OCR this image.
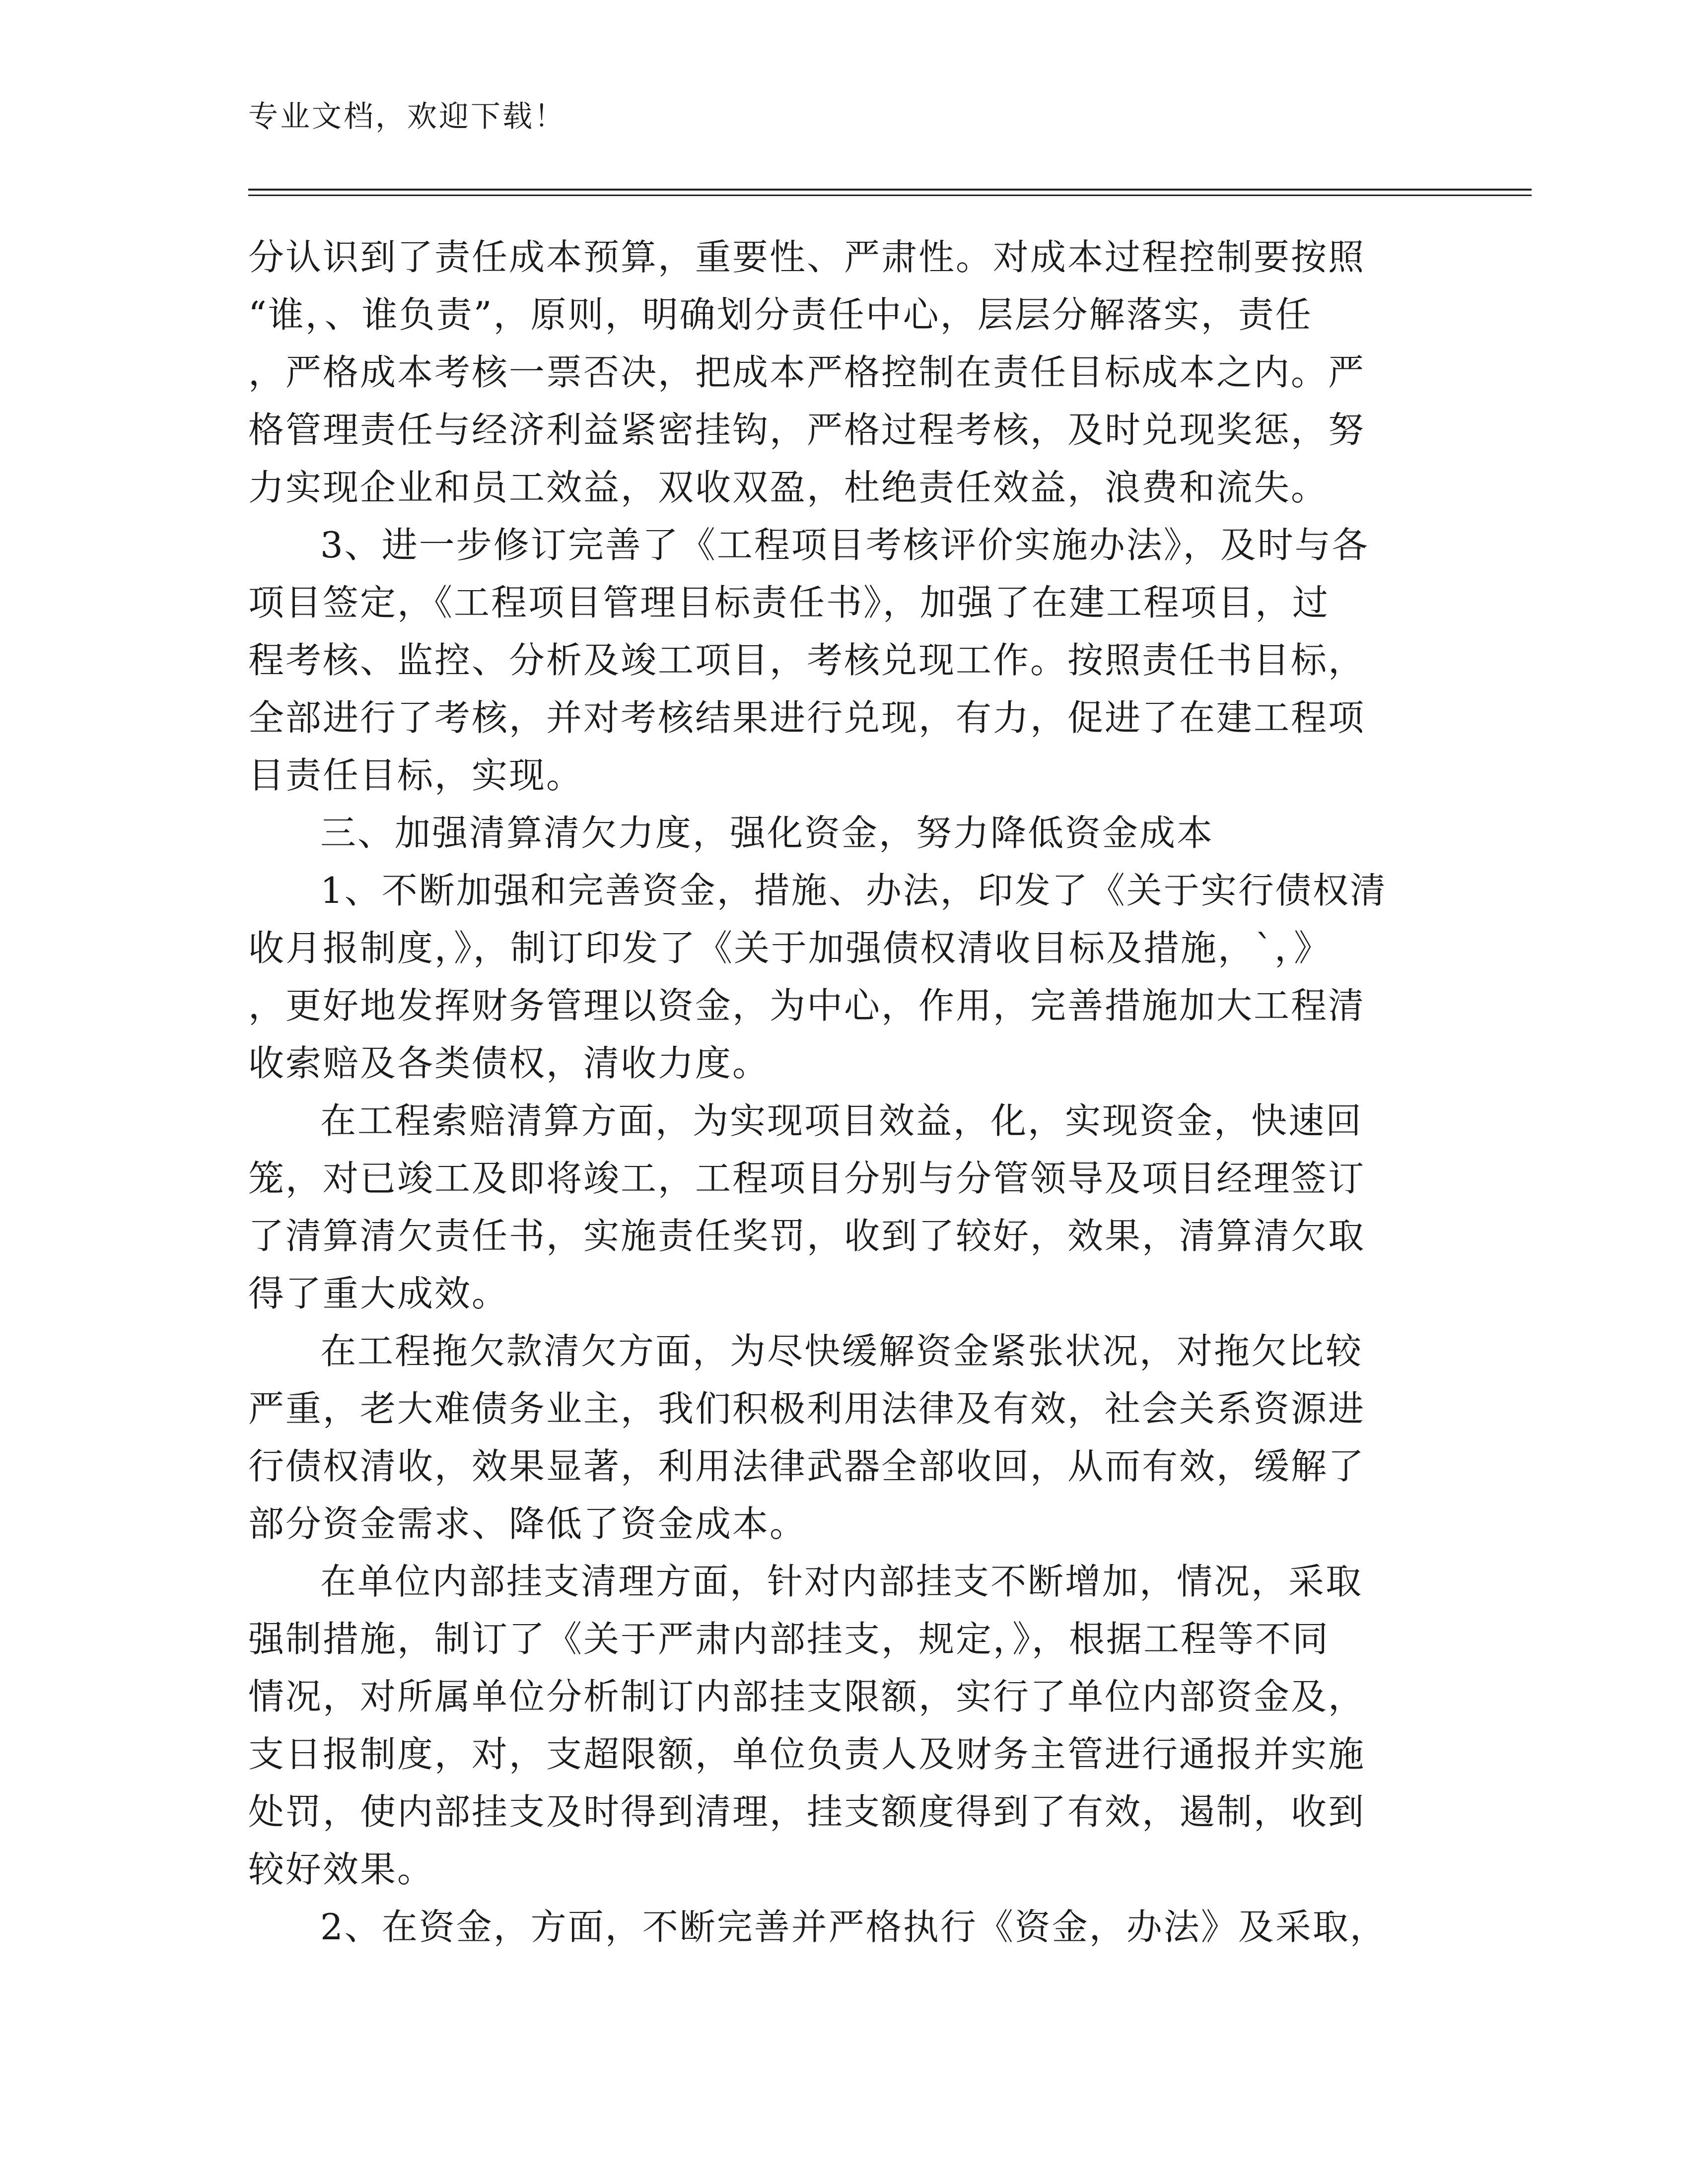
专业文档，欢迎下载！
分认识到了责任成本预算，重要性、严肃性。对成本过程控制要按照
“谁，、谁负责”，原则，明确划分责任中心，层层分解落实，责任
，严格成本考核一票否决，把成本严格控制在责任目标成本之内。严
格管理责任与经济利益紧密挂钩，严格过程考核，及时兑现奖惩，努
力实现企业和员工效益，双收双盈，杜绝责任效益，浪费和流失。
3、进一步修订完善了《工程项目考核评价实施办法》，及时与各
项目签定，《工程项目管理目标责任书》，加强了在建工程项目，过
程考核、监控、分析及竣工项目，考核兑现工作。按照责任书目标，
全部进行了考核，并对考核结果进行兑现，有力，促进了在建工程项
目责任目标，实现。
三、加强清算清欠力度，强化资金，努力降低资金成本
1、不断加强和完善资金，措施、办法，印发了《关于实行债权清
收月报制度，》，制订印发了《关于加强债权清收目标及措施，`，》
，更好地发挥财务管理以资金，为中心，作用，完善措施加大工程清
收索赔及各类债权，清收力度。
在工程索赔清算方面，为实现项目效益，化，实现资金，快速回
笼，对已竣工及即将竣工，工程项目分别与分管领导及项目经理签订
了清算清欠责任书，实施责任奖罚，收到了较好，效果，清算清欠取
得了重大成效。
在工程拖欠款清欠方面，为尽快缓解资金紧张状况，对拖欠比较
严重，老大难债务业主，我们积极利用法律及有效，社会关系资源进
行债权清收，效果显著，利用法律武器全部收回，从而有效，缓解了
部分资金需求、降低了资金成本。
在单位内部挂支清理方面，针对内部挂支不断增加，情况，采取
强制措施，制订了《关于严肃内部挂支，规定，》，根据工程等不同
情况，对所属单位分析制订内部挂支限额，实行了单位内部资金及，
支日报制度，对，支超限额，单位负责人及财务主管进行通报并实施
处罚，使内部挂支及时得到清理，挂支额度得到了有效，遏制，收到
较好效果。
2、在资金，方面，不断完善并严格执行《资金，办法》及采取，
